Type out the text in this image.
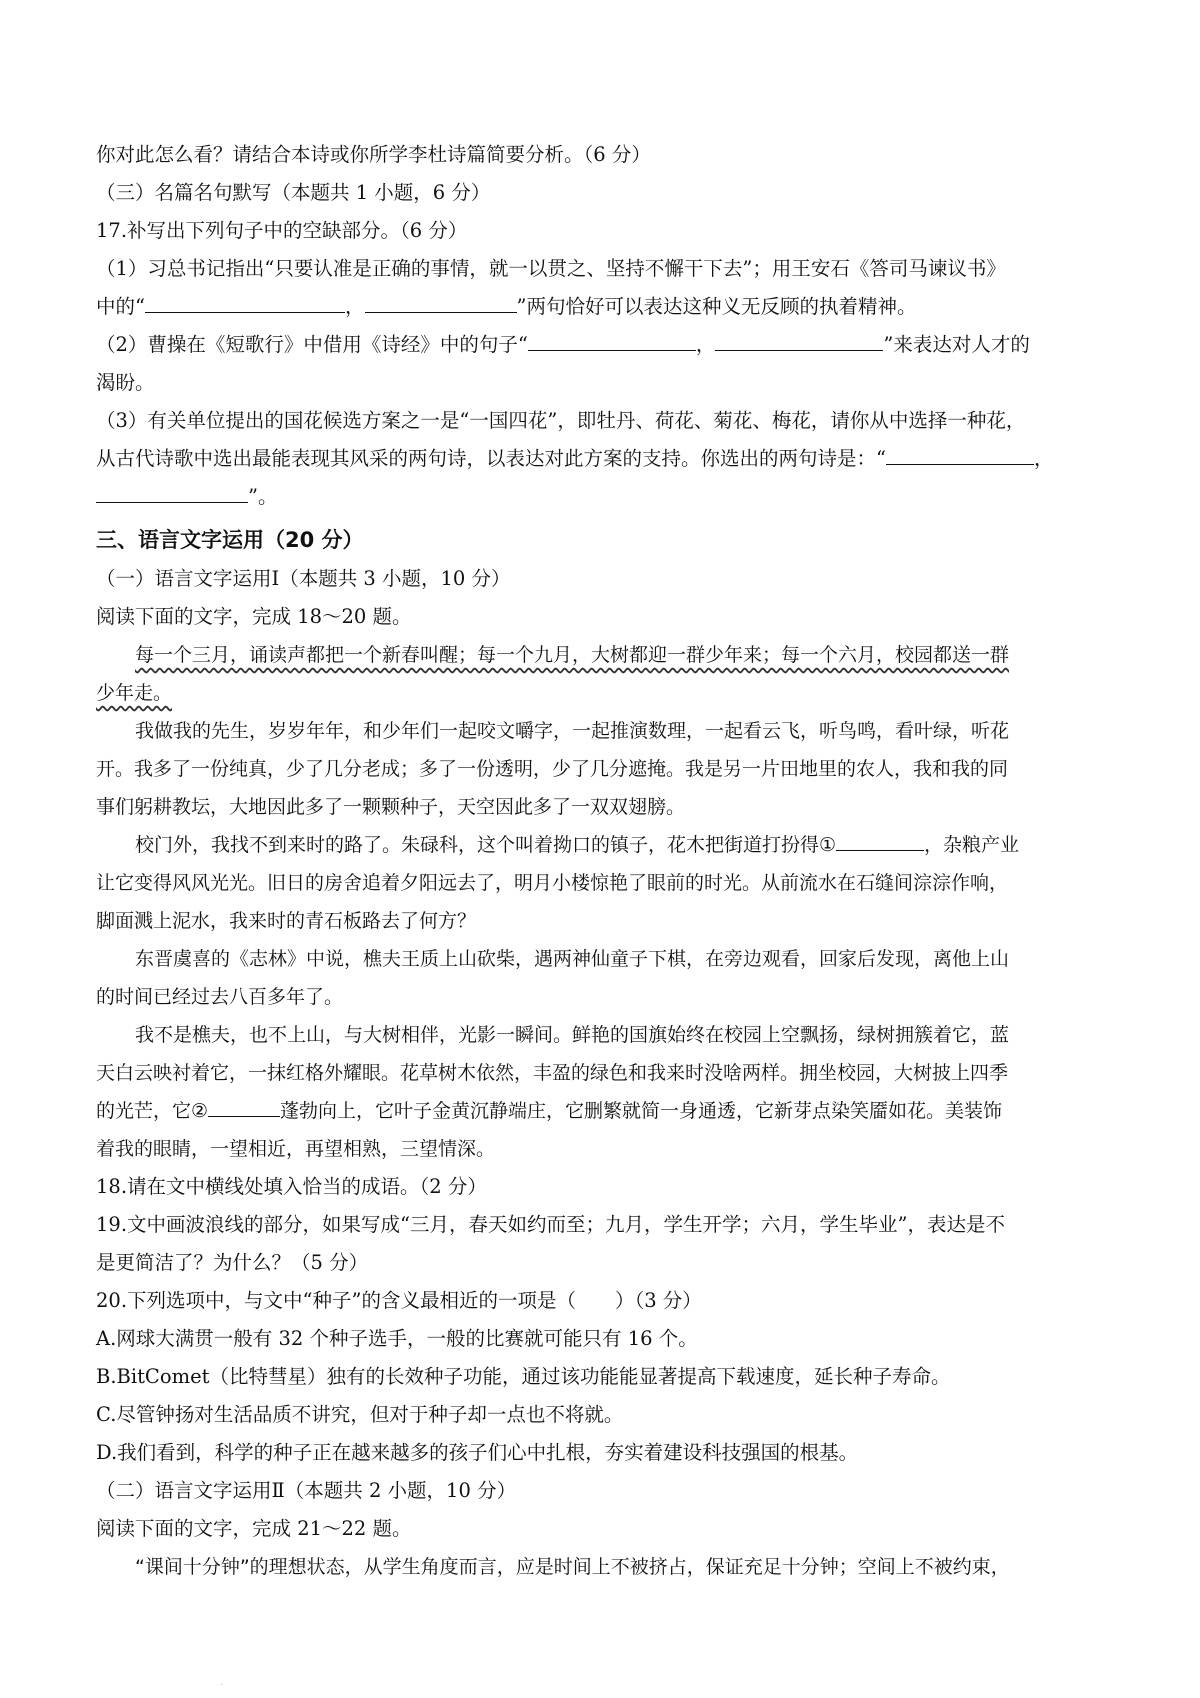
你对此怎么看？请结合本诗或你所学李杜诗篇简要分析。（6 分）
（三）名篇名句默写（本题共 1 小题，6 分）
17.补写出下列句子中的空缺部分。（6 分）
（1）习总书记指出“只要认准是正确的事情，就一以贯之、坚持不懈干下去”；用王安石《答司马谏议书》
中的“	，	”两句恰好可以表达这种义无反顾的执着精神。
（2）曹操在《短歌行》中借用《诗经》中的句子“	，	”来表达对人才的
渴盼。
（3）有关单位提出的国花候选方案之一是“一国四花”，即牡丹、荷花、菊花、梅花，请你从中选择一种花，
从古代诗歌中选出最能表现其风采的两句诗，以表达对此方案的支持。你选出的两句诗是：“	，
”。
三、语言文字运用（20 分）
（一）语言文字运用Ⅰ（本题共 3 小题，10 分）
阅读下面的文字，完成 18～20 题。
每一个三月，诵读声都把一个新春叫醒；每一个九月，大树都迎一群少年来；每一个六月，校园都送一群
少年走。
我做我的先生，岁岁年年，和少年们一起咬文嚼字，一起推演数理，一起看云飞，听鸟鸣，看叶绿，听花
开。我多了一份纯真，少了几分老成；多了一份透明，少了几分遮掩。我是另一片田地里的农人，我和我的同
事们躬耕教坛，大地因此多了一颗颗种子，天空因此多了一双双翅膀。
校门外，我找不到来时的路了。朱碌科，这个叫着拗口的镇子，花木把街道打扮得①	，杂粮产业
让它变得风风光光。旧日的房舍追着夕阳远去了，明月小楼惊艳了眼前的时光。从前流水在石缝间淙淙作响，
脚面溅上泥水，我来时的青石板路去了何方？
东晋虞喜的《志林》中说，樵夫王质上山砍柴，遇两神仙童子下棋，在旁边观看，回家后发现，离他上山
的时间已经过去八百多年了。
我不是樵夫，也不上山，与大树相伴，光影一瞬间。鲜艳的国旗始终在校园上空飘扬，绿树拥簇着它，蓝
天白云映衬着它，一抹红格外耀眼。花草树木依然，丰盈的绿色和我来时没啥两样。拥坐校园，大树披上四季
的光芒，它②	蓬勃向上，它叶子金黄沉静端庄，它删繁就简一身通透，它新芽点染笑靥如花。美装饰
着我的眼睛，一望相近，再望相熟，三望情深。
18.请在文中横线处填入恰当的成语。（2 分）
19.文中画波浪线的部分，如果写成“三月，春天如约而至；九月，学生开学；六月，学生毕业”，表达是不
是更简洁了？为什么？（5 分）
20.下列选项中，与文中“种子”的含义最相近的一项是（　　）（3 分）
A.网球大满贯一般有 32 个种子选手，一般的比赛就可能只有 16 个。
B.BitComet（比特彗星）独有的长效种子功能，通过该功能能显著提高下载速度，延长种子寿命。
C.尽管钟扬对生活品质不讲究，但对于种子却一点也不将就。
D.我们看到，科学的种子正在越来越多的孩子们心中扎根，夯实着建设科技强国的根基。
（二）语言文字运用Ⅱ（本题共 2 小题，10 分）
阅读下面的文字，完成 21～22 题。
“课间十分钟”的理想状态，从学生角度而言，应是时间上不被挤占，保证充足十分钟；空间上不被约束，
.
